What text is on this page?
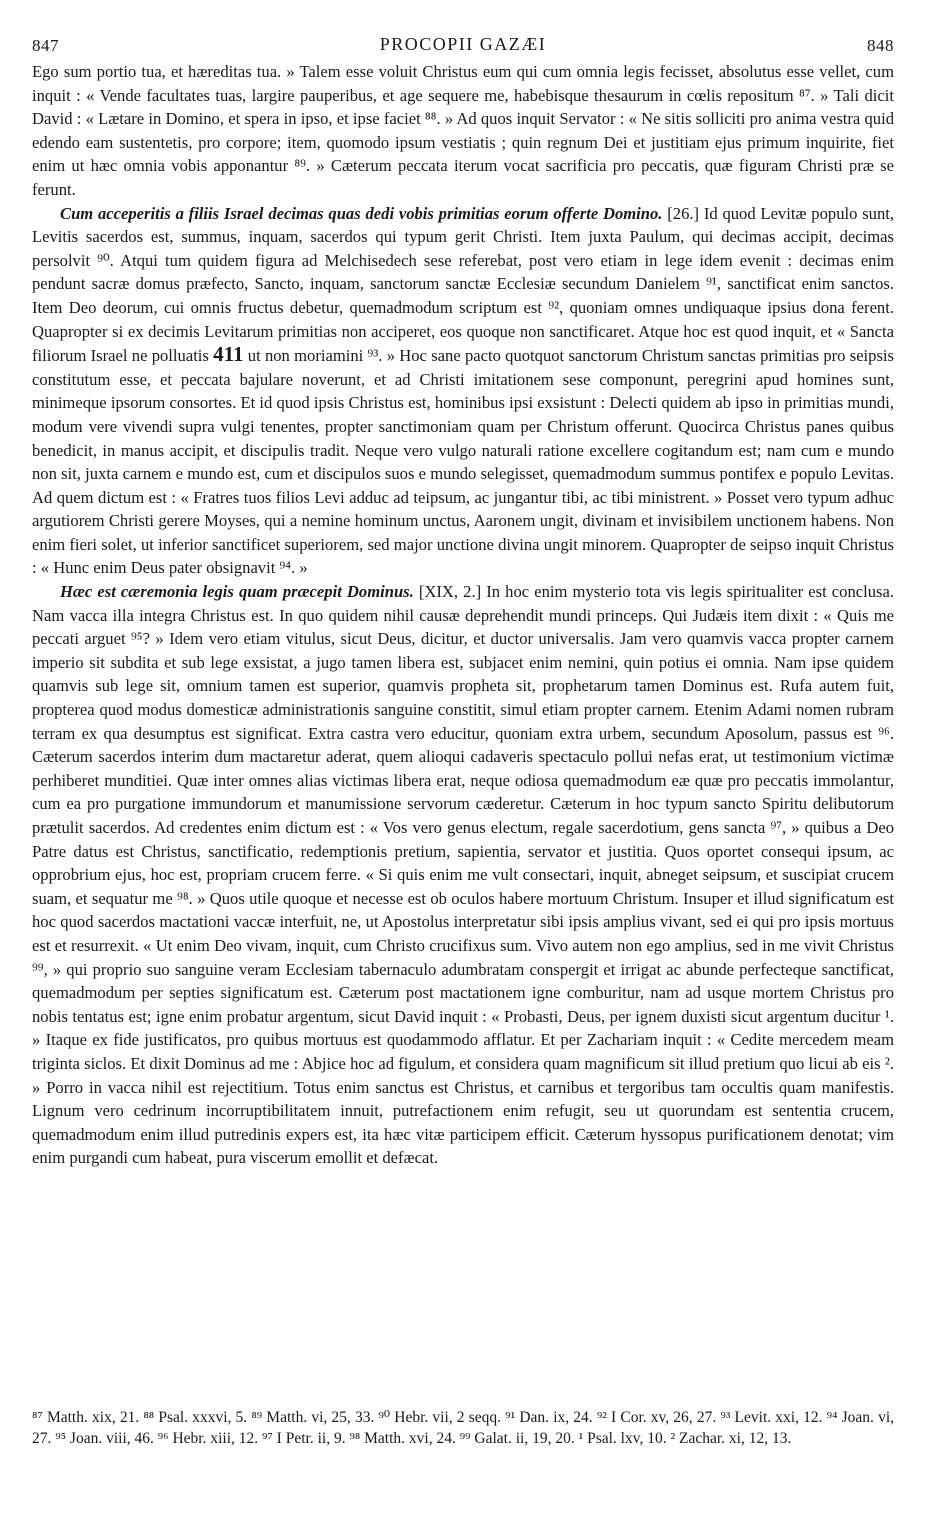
847	PROCOPII GAZÆI	848

Ego sum portio tua, et hæreditas tua. » Talem esse voluit Christus eum qui cum omnia legis fecisset, absolutus esse vellet, cum inquit : « Vende facultates tuas, largire pauperibus, et age sequere me, habebisque thesaurum in cœlis repositum ⁸⁷. » Tali dicit David : « Lætare in Domino, et spera in ipso, et ipse faciet ⁸⁸. » Ad quos inquit Servator : « Ne sitis solliciti pro anima vestra quid edendo eam sustentetis, pro corpore; item, quomodo ipsum vestiatis ; quin regnum Dei et justitiam ejus primum inquirite, fiet enim ut hæc omnia vobis apponantur ⁸⁹. » Cæterum peccata iterum vocat sacrificia pro peccatis, quæ figuram Christi præ se ferunt.

Cum acceperitis a filiis Israel decimas quas dedi vobis primitias eorum offerte Domino. [26.] Id quod Levitæ populo sunt, Levitis sacerdos est, summus, inquam, sacerdos qui typum gerit Christi. Item juxta Paulum, qui decimas accipit, decimas persolvit ⁹⁰. Atqui tum quidem figura ad Melchisedech sese referebat, post vero etiam in lege idem evenit : decimas enim pendunt sacræ domus præfecto, Sancto, inquam, sanctorum sanctæ Ecclesiæ secundum Danielem ⁹¹, sanctificat enim sanctos. Item Deo deorum, cui omnis fructus debetur, quemadmodum scriptum est ⁹², quoniam omnes undiquaque ipsius dona ferent. Quapropter si ex decimis Levitarum primitias non acciperet, eos quoque non sanctificaret. Atque hoc est quod inquit, et « Sancta filiorum Israel ne polluatis 411 ut non moriamini ⁹³. » Hoc sane pacto quotquot sanctorum Christum sanctas primitias pro seipsis constitutum esse, et peccata bajulare noverunt, et ad Christi imitationem sese componunt, peregrini apud homines sunt, minimeque ipsorum consortes. Et id quod ipsis Christus est, hominibus ipsi exsistunt : Delecti quidem ab ipso in primitias mundi, modum vere vivendi supra vulgi tenentes, propter sanctimoniam quam per Christum offerunt. Quocirca Christus panes quibus benedicit, in manus accipit, et discipulis tradit. Neque vero vulgo naturali ratione excellere cogitandum est; nam cum e mundo non sit, juxta carnem e mundo est, cum et discipulos suos e mundo selegisset, quemadmodum summus pontifex e populo Levitas. Ad quem dictum est : « Fratres tuos filios Levi adduc ad teipsum, ac jungantur tibi, ac tibi ministrent. » Posset vero typum adhuc argutiorem Christi gerere Moyses, qui a nemine hominum unctus, Aaronem ungit, divinam et invisibilem unctionem habens. Non enim fieri solet, ut inferior sanctificet superiorem, sed major unctione divina ungit minorem. Quapropter de seipso inquit Christus : « Hunc enim Deus pater obsignavit ⁹⁴. »

Hæc est cæremonia legis quam præcepit Dominus. [XIX, 2.] In hoc enim mysterio tota vis legis spiritualiter est conclusa. Nam vacca illa integra Christus est. In quo quidem nihil causæ deprehendit mundi princeps. Qui Judæis item dixit : « Quis me peccati arguet ⁹⁵? » Idem vero etiam vitulus, sicut Deus, dicitur, et ductor universalis. Jam vero quamvis vacca propter carnem imperio sit subdita et sub lege exsistat, a jugo tamen libera est, subjacet enim nemini, quin potius ei omnia. Nam ipse quidem quamvis sub lege sit, omnium tamen est superior, quamvis propheta sit, prophetarum tamen Dominus est. Rufa autem fuit, propterea quod modus domesticæ administrationis sanguine constitit, simul etiam propter carnem. Etenim Adami nomen rubram terram ex qua desumptus est significat. Extra castra vero educitur, quoniam extra urbem, secundum Aposolum, passus est ⁹⁶. Cæterum sacerdos interim dum mactaretur aderat, quem alioqui cadaveris spectaculo pollui nefas erat, ut testimonium victimæ perhiberet munditiei. Quæ inter omnes alias victimas libera erat, neque odiosa quemadmodum eæ quæ pro peccatis immolantur, cum ea pro purgatione immundorum et manumissione servorum cæderetur. Cæterum in hoc typum sancto Spiritu delibutorum prætulit sacerdos. Ad credentes enim dictum est : « Vos vero genus electum, regale sacerdotium, gens sancta ⁹⁷, » quibus a Deo Patre datus est Christus, sanctificatio, redemptionis pretium, sapientia, servator et justitia. Quos oportet consequi ipsum, ac opprobrium ejus, hoc est, propriam crucem ferre. « Si quis enim me vult consectari, inquit, abneget seipsum, et suscipiat crucem suam, et sequatur me ⁹⁸. » Quos utile quoque et necesse est ob oculos habere mortuum Christum. Insuper et illud significatum est hoc quod sacerdos mactationi vaccæ interfuit, ne, ut Apostolus interpretatur sibi ipsis amplius vivant, sed ei qui pro ipsis mortuus est et resurrexit. « Ut enim Deo vivam, inquit, cum Christo crucifixus sum. Vivo autem non ego amplius, sed in me vivit Christus ⁹⁹, » qui proprio suo sanguine veram Ecclesiam tabernaculo adumbratam conspergit et irrigat ac abunde perfecteque sanctificat, quemadmodum per septies significatum est. Cæterum post mactationem igne comburitur, nam ad usque mortem Christus pro nobis tentatus est; igne enim probatur argentum, sicut David inquit : « Probasti, Deus, per ignem duxisti sicut argentum ducitur ¹. » Itaque ex fide justificatos, pro quibus mortuus est quodammodo afflatur. Et per Zachariam inquit : « Cedite mercedem meam triginta siclos. Et dixit Dominus ad me : Abjice hoc ad figulum, et considera quam magnificum sit illud pretium quo licui ab eis ². » Porro in vacca nihil est rejectitium. Totus enim sanctus est Christus, et carnibus et tergoribus tam occultis quam manifestis. Lignum vero cedrinum incorruptibilitatem innuit, putrefactionem enim refugit, seu ut quorundam est sententia crucem, quemadmodum enim illud putredinis expers est, ita hæc vitæ participem efficit. Cæterum hyssopus purificationem denotat; vim enim purgandi cum habeat, pura viscerum emollit et defæcat.

⁸⁷ Matth. xix, 21. ⁸⁸ Psal. xxxvi, 5. ⁸⁹ Matth. vi, 25, 33. ⁹⁰ Hebr. vii, 2 seqq. ⁹¹ Dan. ix, 24. ⁹² I Cor. xv, 26, 27. ⁹³ Levit. xxi, 12. ⁹⁴ Joan. vi, 27. ⁹⁵ Joan. viii, 46. ⁹⁶ Hebr. xiii, 12. ⁹⁷ I Petr. ii, 9. ⁹⁸ Matth. xvi, 24. ⁹⁹ Galat. ii, 19, 20. ¹ Psal. lxv, 10. ² Zachar. xi, 12, 13.
